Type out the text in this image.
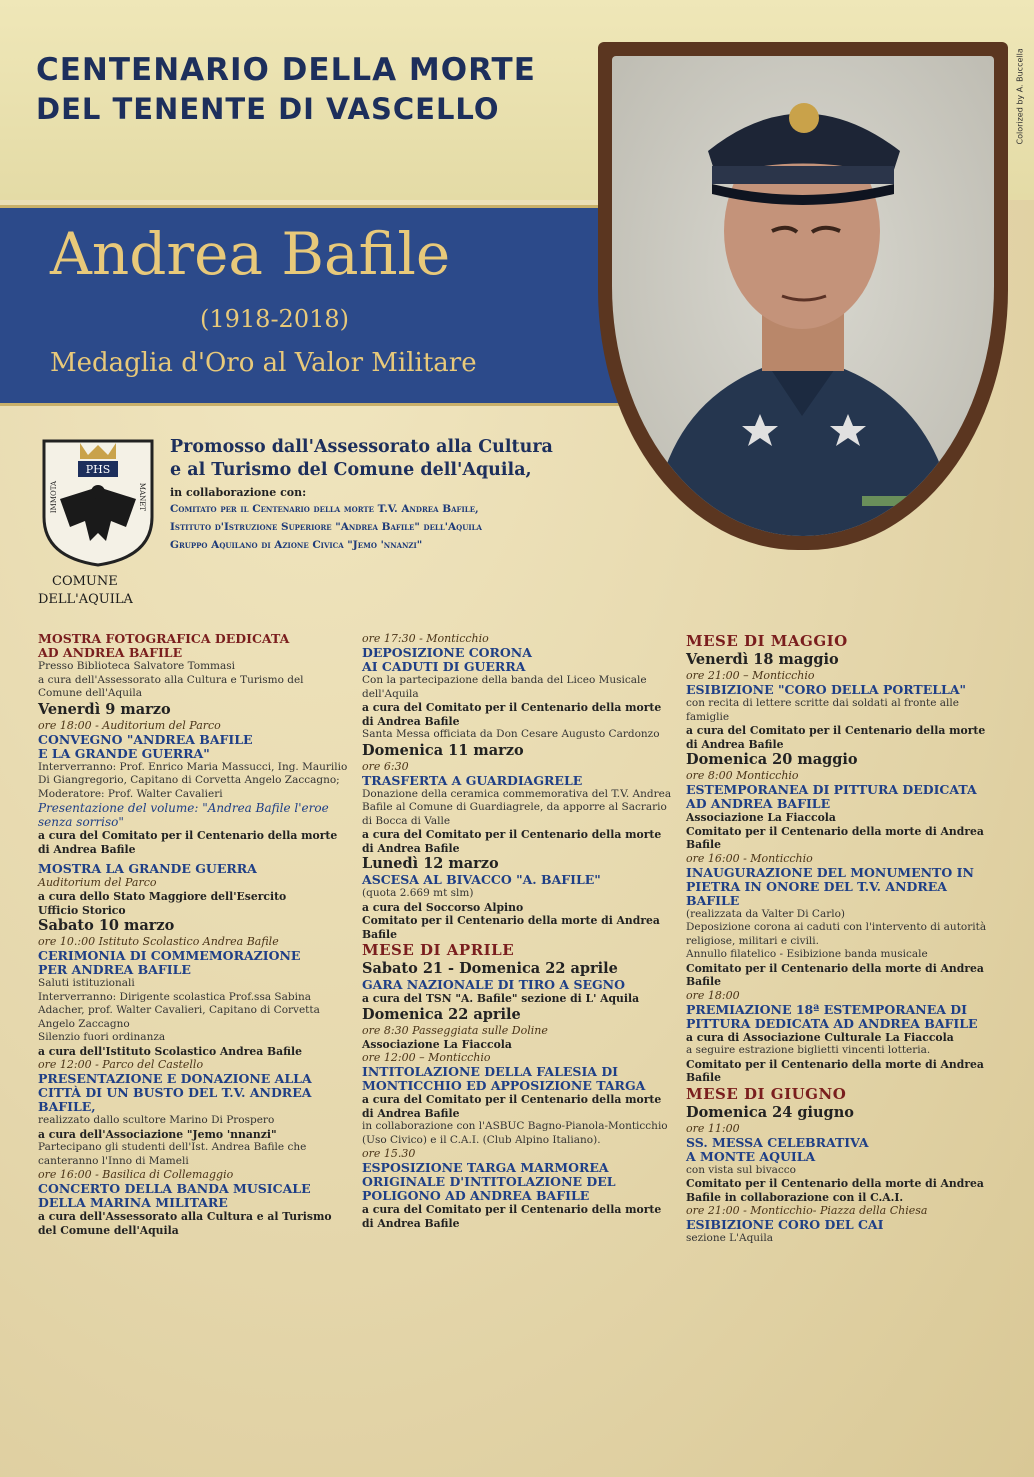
CENTENARIO DELLA MORTE
DEL TENENTE DI VASCELLO
Andrea Bafile
(1918-2018)
Medaglia d'Oro al Valor Militare
Colorized by A. Buccella
PHS
IMMOTA	MANET
COMUNE
DELL'AQUILA
Promosso dall'Assessorato alla Cultura
e al Turismo del Comune dell'Aquila,
in collaborazione con:
Comitato per il Centenario della morte T.V. Andrea Bafile,
Istituto d'Istruzione Superiore "Andrea Bafile" dell'Aquila
Gruppo Aquilano di Azione Civica "Jemo 'nnanzi"
MOSTRA FOTOGRAFICA DEDICATA
AD ANDREA BAFILE
Presso Biblioteca Salvatore Tommasi
a cura dell'Assessorato alla Cultura e Turismo del Comune dell'Aquila
Venerdì 9 marzo
ore 18:00 - Auditorium del Parco
CONVEGNO "ANDREA BAFILE
E LA GRANDE GUERRA"
Interverranno: Prof. Enrico Maria Massucci, Ing. Maurilio Di Giangregorio, Capitano di Corvetta Angelo Zaccagno;
Moderatore: Prof. Walter Cavalieri
Presentazione del volume: "Andrea Bafile l'eroe senza sorriso"
a cura del Comitato per il Centenario della morte di Andrea Bafile
MOSTRA LA GRANDE GUERRA
Auditorium del Parco
a cura dello Stato Maggiore dell'Esercito
Ufficio Storico
Sabato 10 marzo
ore 10.:00 Istituto Scolastico Andrea Bafile
CERIMONIA DI COMMEMORAZIONE
PER ANDREA BAFILE
Saluti istituzionali
Interverranno: Dirigente scolastica Prof.ssa Sabina Adacher, prof. Walter Cavalieri, Capitano di Corvetta Angelo Zaccagno
Silenzio fuori ordinanza
a cura dell'Istituto Scolastico Andrea Bafile
ore 12:00 - Parco del Castello
PRESENTAZIONE E DONAZIONE ALLA CITTÀ DI UN BUSTO DEL T.V. ANDREA BAFILE,
realizzato dallo scultore Marino Di Prospero
a cura dell'Associazione "Jemo 'nnanzi"
Partecipano gli studenti dell'Ist. Andrea Bafile che canteranno l'Inno di Mameli
ore 16:00 - Basilica di Collemaggio
CONCERTO DELLA BANDA MUSICALE
DELLA MARINA MILITARE
a cura dell'Assessorato alla Cultura e al Turismo del Comune dell'Aquila
ore 17:30 - Monticchio
DEPOSIZIONE CORONA
AI CADUTI DI GUERRA
Con la partecipazione della banda del Liceo Musicale dell'Aquila
a cura del Comitato per il Centenario della morte di Andrea Bafile
Santa Messa officiata da Don Cesare Augusto Cardonzo
Domenica 11 marzo
ore 6:30
TRASFERTA A GUARDIAGRELE
Donazione della ceramica commemorativa del T.V. Andrea Bafile al Comune di Guardiagrele, da apporre al Sacrario di Bocca di Valle
a cura del Comitato per il Centenario della morte di Andrea Bafile
Lunedì 12 marzo
ASCESA AL BIVACCO "A. BAFILE"
(quota 2.669 mt slm)
a cura del Soccorso Alpino
Comitato per il Centenario della morte di Andrea Bafile
MESE DI APRILE
Sabato 21 - Domenica 22 aprile
GARA NAZIONALE DI TIRO A SEGNO
a cura del TSN "A. Bafile" sezione di L' Aquila
Domenica 22 aprile
ore 8:30 Passeggiata sulle Doline
Associazione La Fiaccola
ore 12:00 – Monticchio
INTITOLAZIONE DELLA FALESIA DI MONTICCHIO ED APPOSIZIONE TARGA
a cura del Comitato per il Centenario della morte di Andrea Bafile
in collaborazione con l'ASBUC Bagno-Pianola-Monticchio (Uso Civico) e il C.A.I. (Club Alpino Italiano).
ore 15.30
ESPOSIZIONE TARGA MARMOREA ORIGINALE D'INTITOLAZIONE DEL POLIGONO AD ANDREA BAFILE
a cura del Comitato per il Centenario della morte di Andrea Bafile
MESE DI MAGGIO
Venerdì 18 maggio
ore 21:00 – Monticchio
ESIBIZIONE "CORO DELLA PORTELLA"
con recita di lettere scritte dai soldati al fronte alle famiglie
a cura del Comitato per il Centenario della morte di Andrea Bafile
Domenica 20 maggio
ore 8:00 Monticchio
ESTEMPORANEA DI PITTURA DEDICATA AD ANDREA BAFILE
Associazione La Fiaccola
Comitato per il Centenario della morte di Andrea Bafile
ore 16:00 - Monticchio
INAUGURAZIONE DEL MONUMENTO IN PIETRA IN ONORE DEL T.V. ANDREA BAFILE
(realizzata da Valter Di Carlo)
Deposizione corona ai caduti con l'intervento di autorità religiose, militari e civili.
Annullo filatelico - Esibizione banda musicale
Comitato per il Centenario della morte di Andrea Bafile
ore 18:00
PREMIAZIONE 18ª ESTEMPORANEA DI PITTURA DEDICATA AD ANDREA BAFILE
a cura di Associazione Culturale La Fiaccola
a seguire estrazione biglietti vincenti lotteria.
Comitato per il Centenario della morte di Andrea Bafile
MESE DI GIUGNO
Domenica 24 giugno
ore 11:00
SS. MESSA CELEBRATIVA
A MONTE AQUILA
con vista sul bivacco
Comitato per il Centenario della morte di Andrea Bafile in collaborazione con il C.A.I.
ore 21:00 - Monticchio- Piazza della Chiesa
ESIBIZIONE CORO DEL CAI
sezione L'Aquila
